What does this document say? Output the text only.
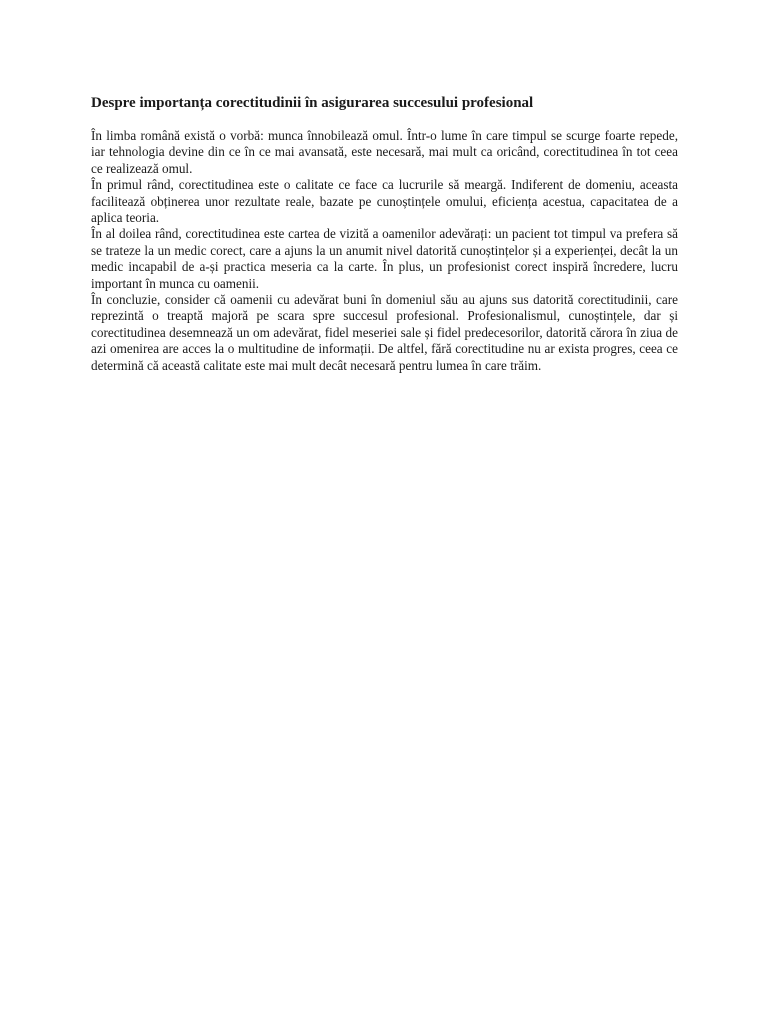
Despre importanța corectitudinii în asigurarea succesului profesional

În limba română există o vorbă: munca înnobilează omul. Într-o lume în care timpul se scurge foarte repede, iar tehnologia devine din ce în ce mai avansată, este necesară, mai mult ca oricând, corectitudinea în tot ceea ce realizează omul.

În primul rând, corectitudinea este o calitate ce face ca lucrurile să meargă. Indiferent de domeniu, aceasta facilitează obținerea unor rezultate reale, bazate pe cunoștințele omului, eficiența acestua, capacitatea de a aplica teoria.

În al doilea rând, corectitudinea este cartea de vizită a oamenilor adevărați: un pacient tot timpul va prefera să se trateze la un medic corect, care a ajuns la un anumit nivel datorită cunoștințelor și a experienței, decât la un medic incapabil de a-și practica meseria ca la carte. În plus, un profesionist corect inspiră încredere, lucru important în munca cu oamenii.

În concluzie, consider că oamenii cu adevărat buni în domeniul său au ajuns sus datorită corectitudinii, care reprezintă o treaptă majoră pe scara spre succesul profesional. Profesionalismul, cunoștințele, dar și corectitudinea desemnează un om adevărat, fidel meseriei sale și fidel predecesorilor, datorită cărora în ziua de azi omenirea are acces la o multitudine de informații. De altfel, fără corectitudine nu ar exista progres, ceea ce determină că această calitate este mai mult decât necesară pentru lumea în care trăim.
